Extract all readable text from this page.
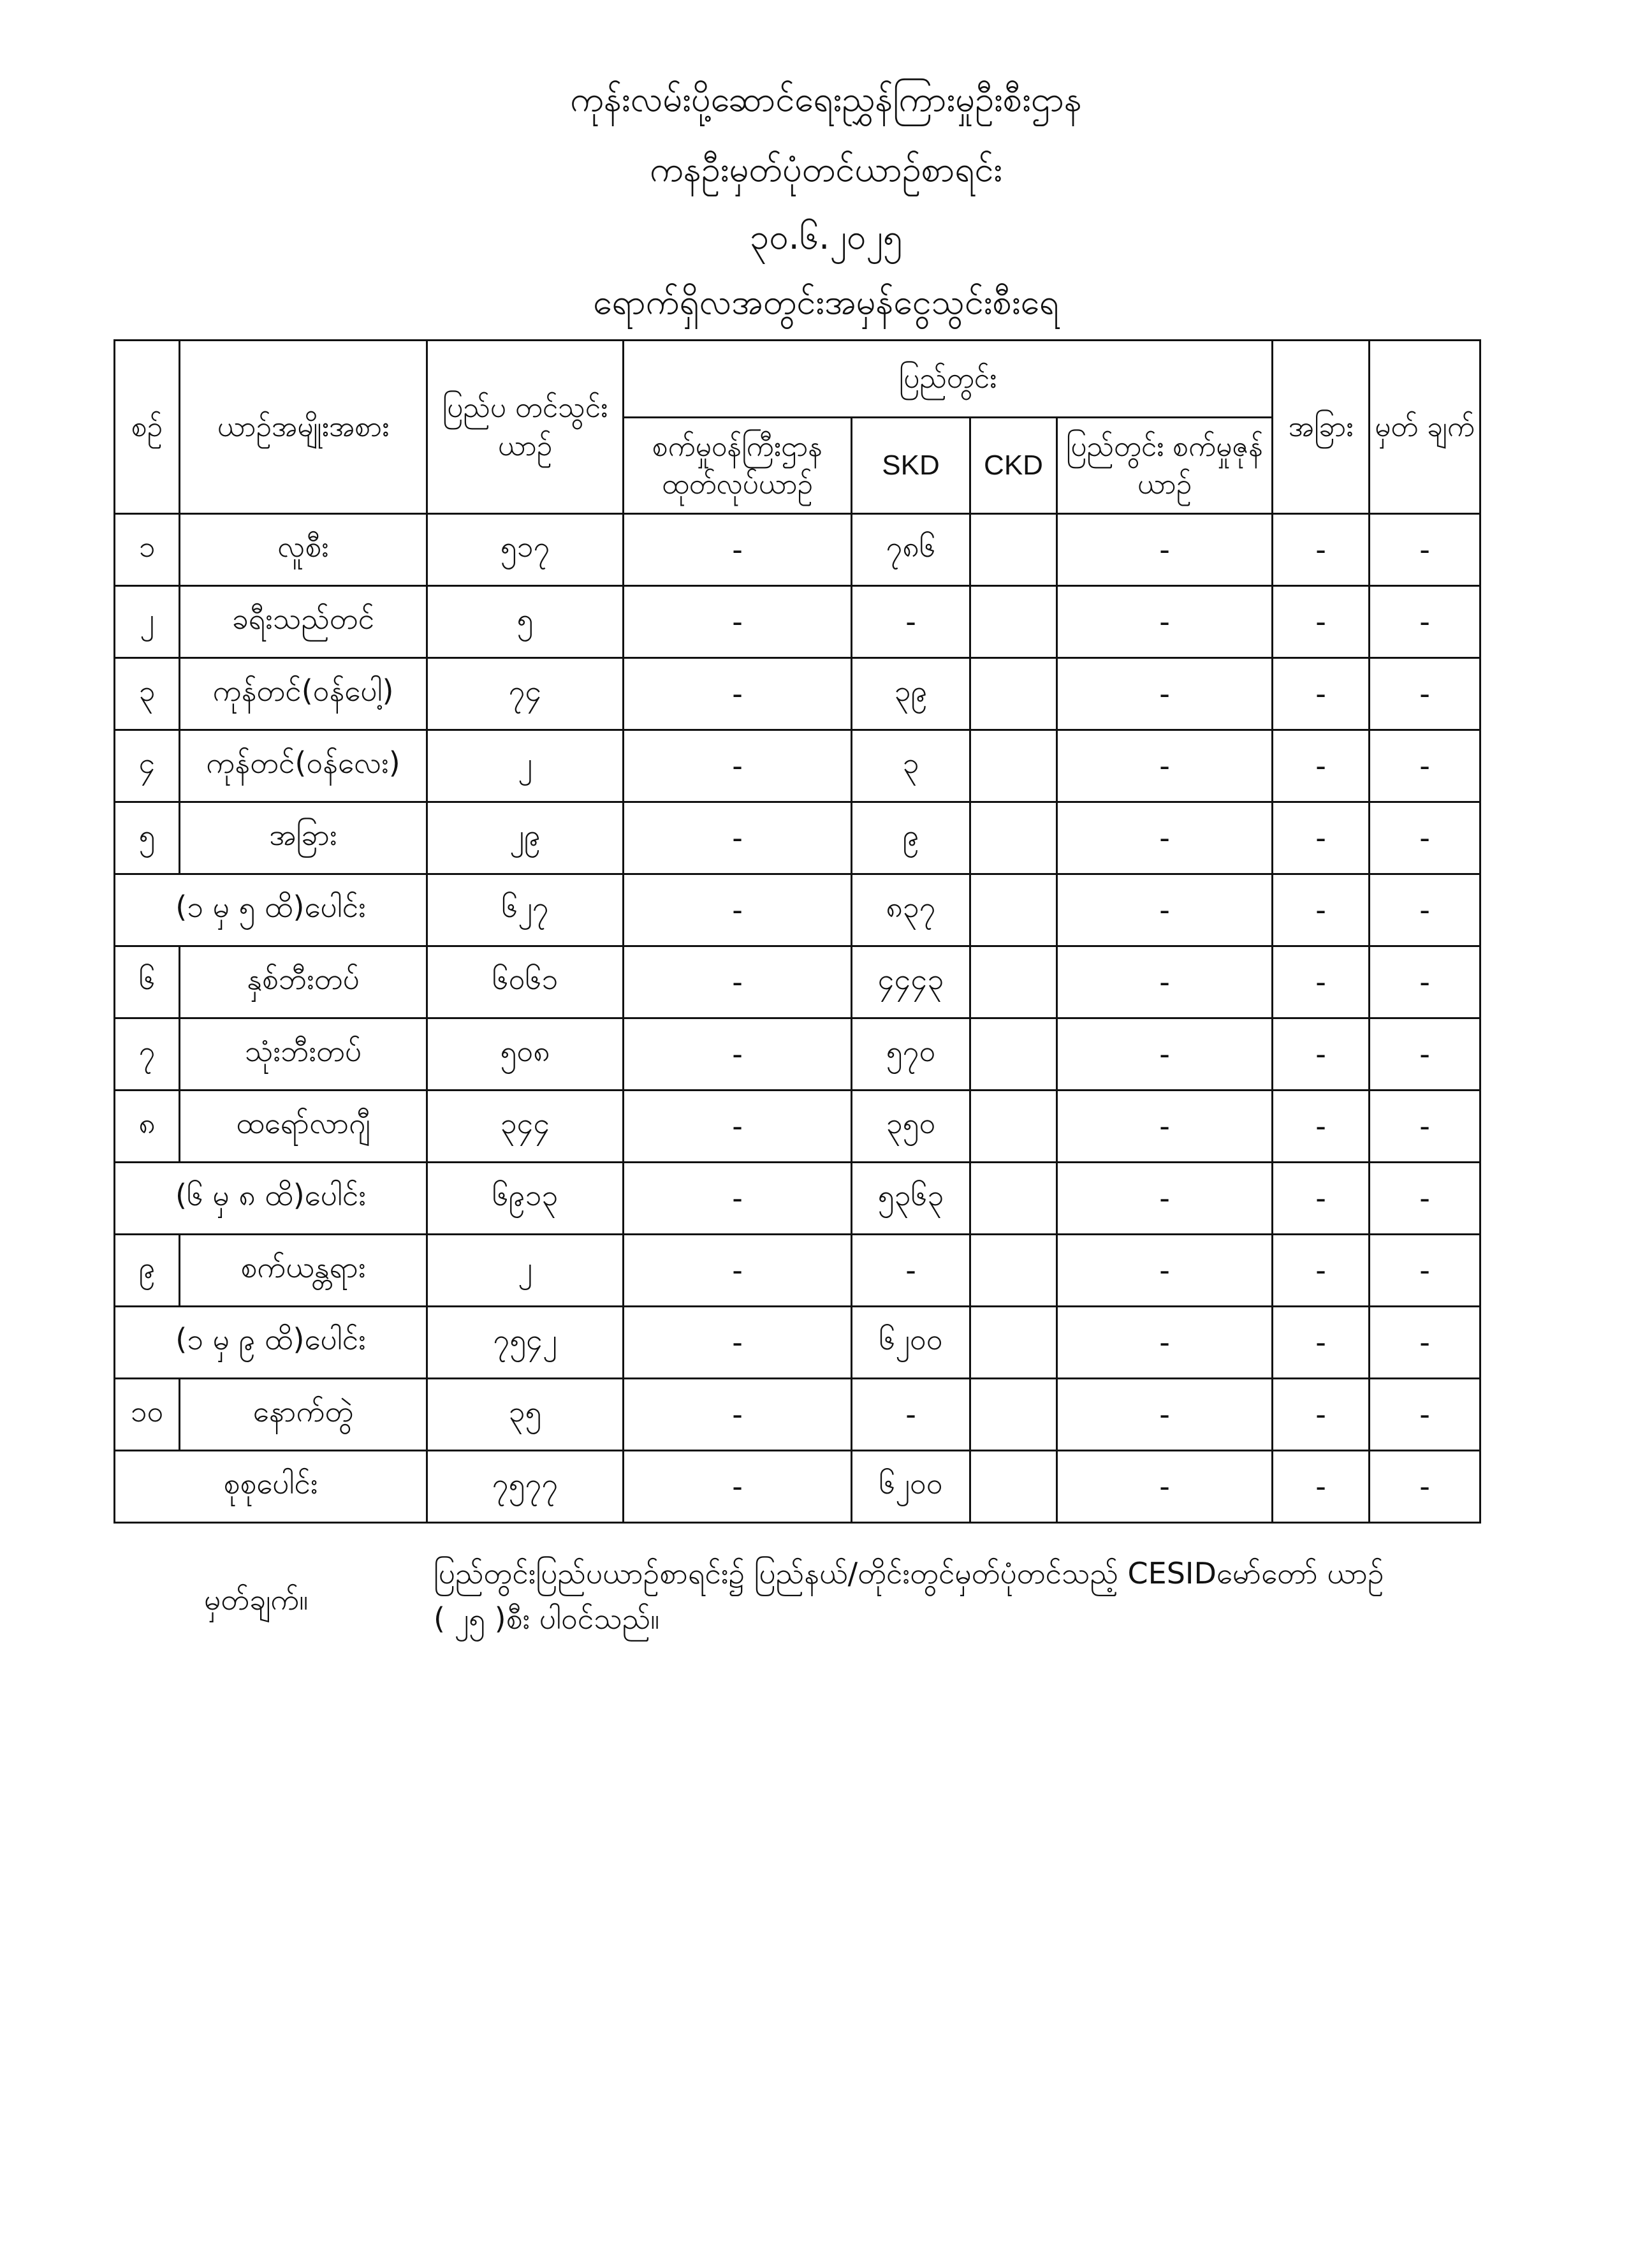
ကုန်းလမ်းပို့ဆောင်ရေးညွှန်ကြားမှုဦးစီးဌာန
ကနဦးမှတ်ပုံတင်ယာဉ်စာရင်း
၃၀.၆.၂၀၂၅
ရောက်ရှိလအတွင်းအမှန်ငွေသွင်းစီးရေ
စဉ်	ယာဉ်အမျိုးအစား	ပြည်ပ တင်သွင်းယာဉ်	ပြည်တွင်း				အခြား	မှတ် ချက်
			စက်မှုဝန်ကြီးဌာန ထုတ်လုပ်ယာဉ်	SKD	CKD	ပြည်တွင်း စက်မှုဇုန်ယာဉ်		
၁	လူစီး	၅၁၇	-	၇၈၆		-	-	-
၂	ခရီးသည်တင်	၅	-	-		-	-	-
၃	ကုန်တင်(ဝန်ပေါ့)	၇၄	-	၃၉		-	-	-
၄	ကုန်တင်(ဝန်လေး)	၂	-	၃		-	-	-
၅	အခြား	၂၉	-	၉		-	-	-
(၁ မှ ၅ ထိ)ပေါင်း		၆၂၇	-	၈၃၇		-	-	-
၆	နှစ်ဘီးတပ်	၆၀၆၁	-	၄၄၄၃		-	-	-
၇	သုံးဘီးတပ်	၅၀၈	-	၅၇၀		-	-	-
၈	ထရော်လာဂျီ	၃၄၄	-	၃၅၀		-	-	-
(၆ မှ ၈ ထိ)ပေါင်း		၆၉၁၃	-	၅၃၆၃		-	-	-
၉	စက်ယန္တရား	၂	-	-		-	-	-
(၁ မှ ၉ ထိ)ပေါင်း		၇၅၄၂	-	၆၂၀၀		-	-	-
၁၀	နောက်တွဲ	၃၅	-	-		-	-	-
စုစုပေါင်း		၇၅၇၇	-	၆၂၀၀		-	-	-
မှတ်ချက်။
ပြည်တွင်းပြည်ပယာဉ်စာရင်း၌ ပြည်နယ်/တိုင်းတွင်မှတ်ပုံတင်သည့် CESIDမော်တော် ယာဉ်
( ၂၅ )စီး ပါဝင်သည်။
